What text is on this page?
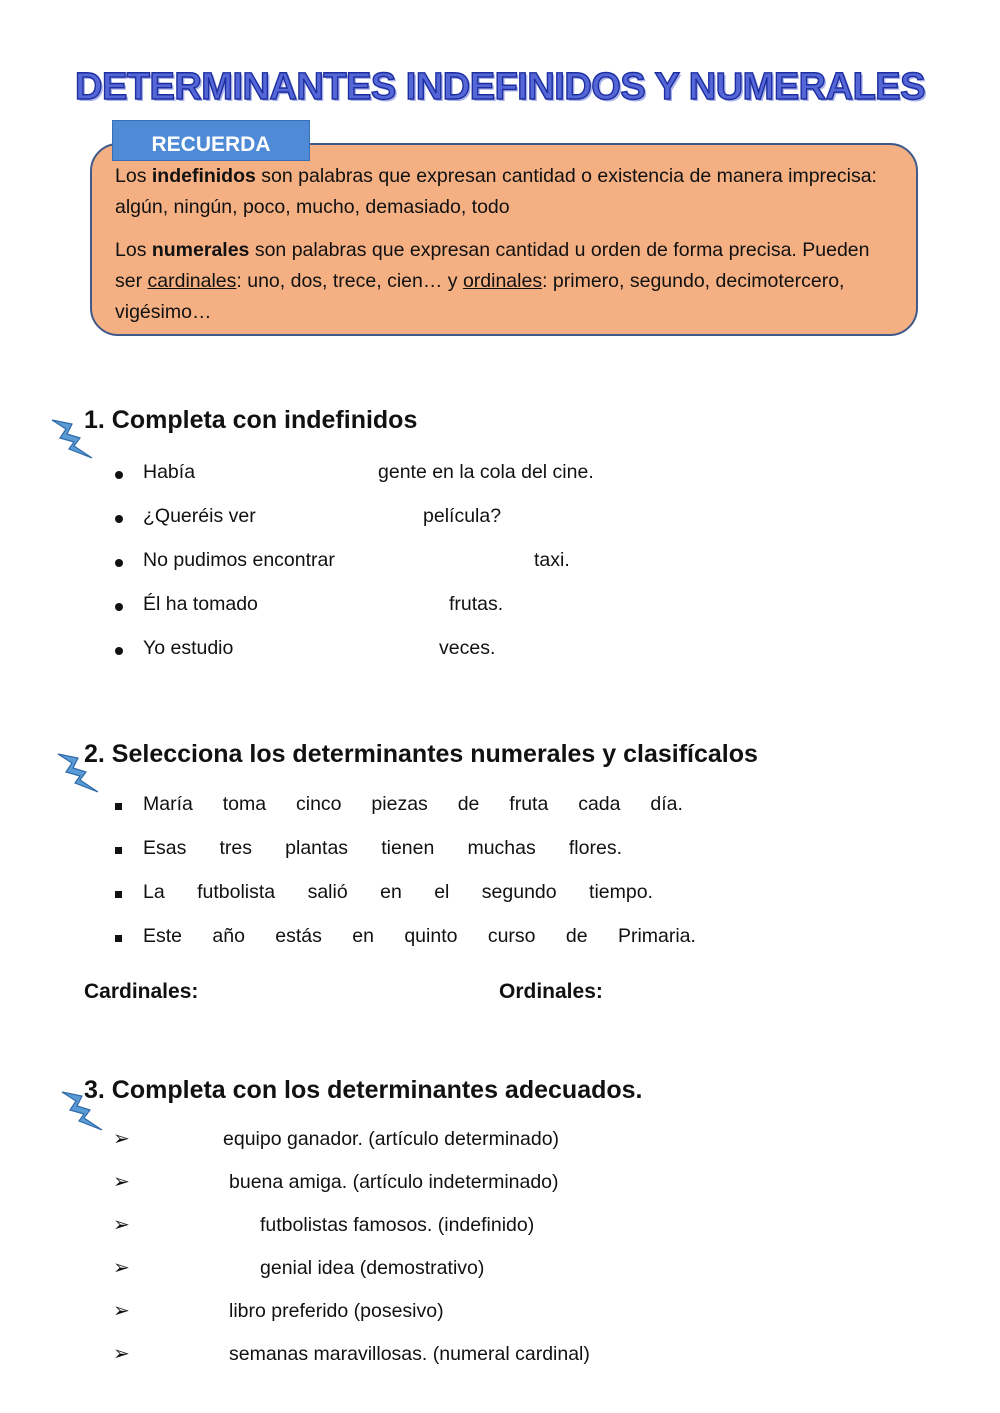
DETERMINANTES INDEFINIDOS Y NUMERALES
RECUERDA

Los indefinidos son palabras que expresan cantidad o existencia de manera imprecisa: algún, ningún, poco, mucho, demasiado, todo

Los numerales son palabras que expresan cantidad u orden de forma precisa. Pueden ser cardinales: uno, dos, trece, cien… y ordinales: primero, segundo, decimotercero, vigésimo…

1. Completa con indefinidos
Había	gente en la cola del cine.
¿Queréis ver	película?
No pudimos encontrar	taxi.
Él ha tomado	frutas.
Yo estudio	veces.
2. Selecciona los determinantes numerales y clasifícalos
María toma cinco piezas de fruta cada día.
Esas tres plantas tienen muchas flores.
La futbolista salió en el segundo tiempo.
Este año estás en quinto curso de Primaria.
Cardinales:	Ordinales:
3. Completa con los determinantes adecuados.
➢	equipo ganador. (artículo determinado)
➢	buena amiga. (artículo indeterminado)
➢	futbolistas famosos. (indefinido)
➢	genial idea (demostrativo)
➢	libro preferido (posesivo)
➢	semanas maravillosas. (numeral cardinal)
